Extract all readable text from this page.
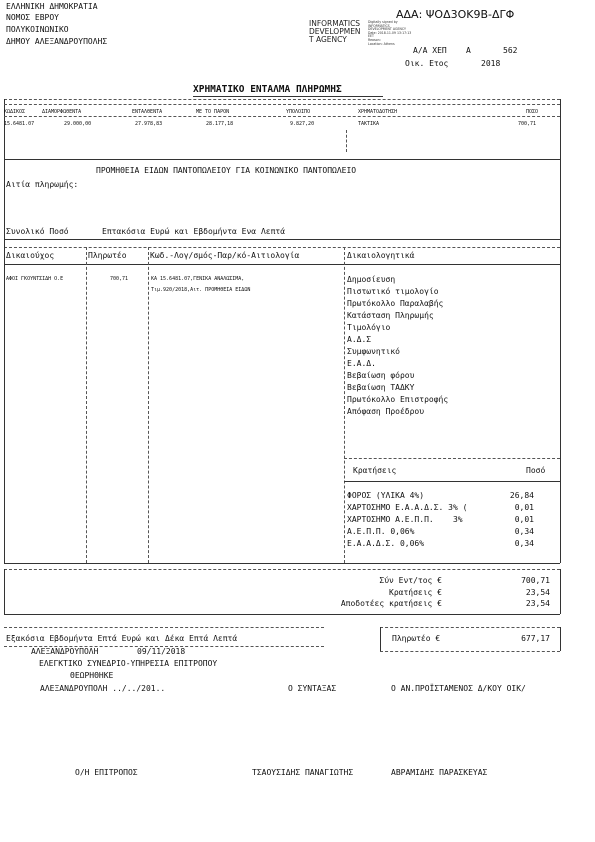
ΕΛΛΗΝΙΚΗ ΔΗΜΟΚΡΑΤΙΑ
ΝΟΜΟΣ ΕΒΡΟΥ
ΠΟΛΥΚΟΙΝΩΝΙΚΟ
ΔΗΜΟΥ ΑΛΕΞΑΝΔΡΟΥΠΟΛΗΣ
INFORMATICS
DEVELOPMEN
T AGENCY
Digitally signed by
INFORMATICS
DEVELOPMENT AGENCY
Date: 2018.11.09 13:17:13
EET
Reason:
Location: Athens
ΑΔΑ: ΨΟΔ3ΟΚ9Β-ΔΓΦ
Α/Α ΧΕΠ Α	562
Οικ. Ετος	2018
ΧΡΗΜΑΤΙΚΟ ΕΝΤΑΛΜΑ ΠΛΗΡΩΜΗΣ
ΚΩΔΙΚΟΣ	ΔΙΑΜΟΡΦΩΘΕΝΤΑ	ΕΝΤΑΛΘΕΝΤΑ	ΜΕ ΤΟ ΠΑΡΟΝ	ΥΠΟΛΟΙΠΟ	ΧΡΗΜΑΤΟΔΟΤΗΣΗ	ΠΟΣΟ
15.6481.07	29.000,00	27.978,83	28.177,18	9.827,20	ΤΑΚΤΙΚΑ	700,71
ΠΡΟΜΗΘΕΙΑ ΕΙΔΩΝ ΠΑΝΤΟΠΩΛΕΙΟΥ ΓΙΑ ΚΟΙΝΩΝΙΚΟ ΠΑΝΤΟΠΩΛΕΙΟ
Αιτία πληρωμής:
Συνολικό Ποσό	Επτακόσια Ευρώ και Εβδομήντα Ενα Λεπτά
Δικαιούχος	Πληρωτέο	Κωδ.-Λογ/σμός-Παρ/κό-Αιτιολογία	Δικαιολογητικά
ΑΦΟΙ ΓΚΟΥΝΤΣΙΔΗ Ο.Ε	700,71	ΚΑ 15.6481.07,ΓΕΝΙΚΑ ΑΝΑΛΩΣΙΜΑ,
Τιμ.920/2018,Αιτ. ΠΡΟΜΗΘΕΙΑ ΕΙΔΩΝ
Δημοσίευση
Πιστωτικό τιμολογίο
Πρωτόκολλο Παραλαβής
Κατάσταση Πληρωμής
Τιμολόγιο
Α.Δ.Σ
Συμφωνητικό
Ε.Α.Δ.
Βεβαίωση φόρου
Βεβαίωση ΤΑΔΚΥ
Πρωτόκολλο Επιστροφής
Απόφαση Προέδρου
Κρατήσεις	Ποσό
ΦΟΡΟΣ (ΥΛΙΚΑ 4%)	26,84
ΧΑΡΤΟΣΗΜΟ Ε.Α.Α.Δ.Σ. 3% (	0,01
ΧΑΡΤΟΣΗΜΟ Α.Ε.Π.Π.    3%	0,01
Α.Ε.Π.Π. 0,06%	0,34
Ε.Α.Α.Δ.Σ. 0,06%	0,34
Σύν Εντ/τος €	700,71
Κρατήσεις €	23,54
Αποδοτέες κρατήσεις €	23,54
Εξακόσια Εβδομήντα Επτά Ευρώ και Δέκα Επτά Λεπτά	Πληρωτέο €	677,17
ΑΛΕΞΑΝΔΡΟΥΠΟΛΗ	09/11/2018
ΕΛΕΓΚΤΙΚΟ ΣΥΝΕΔΡΙΟ-ΥΠΗΡΕΣΙΑ ΕΠΙΤΡΟΠΟΥ
ΘΕΩΡΗΘΗΚΕ
ΑΛΕΞΑΝΔΡΟΥΠΟΛΗ ../../201..	Ο ΣΥΝΤΑΞΑΣ	Ο ΑΝ.ΠΡΟΪΣΤΑΜΕΝΟΣ Δ/ΚΟΥ ΟΙΚ/
Ο/Η ΕΠΙΤΡΟΠΟΣ	ΤΣΑΟΥΣΙΔΗΣ ΠΑΝΑΓΙΩΤΗΣ	ΑΒΡΑΜΙΔΗΣ ΠΑΡΑΣΚΕΥΑΣ
